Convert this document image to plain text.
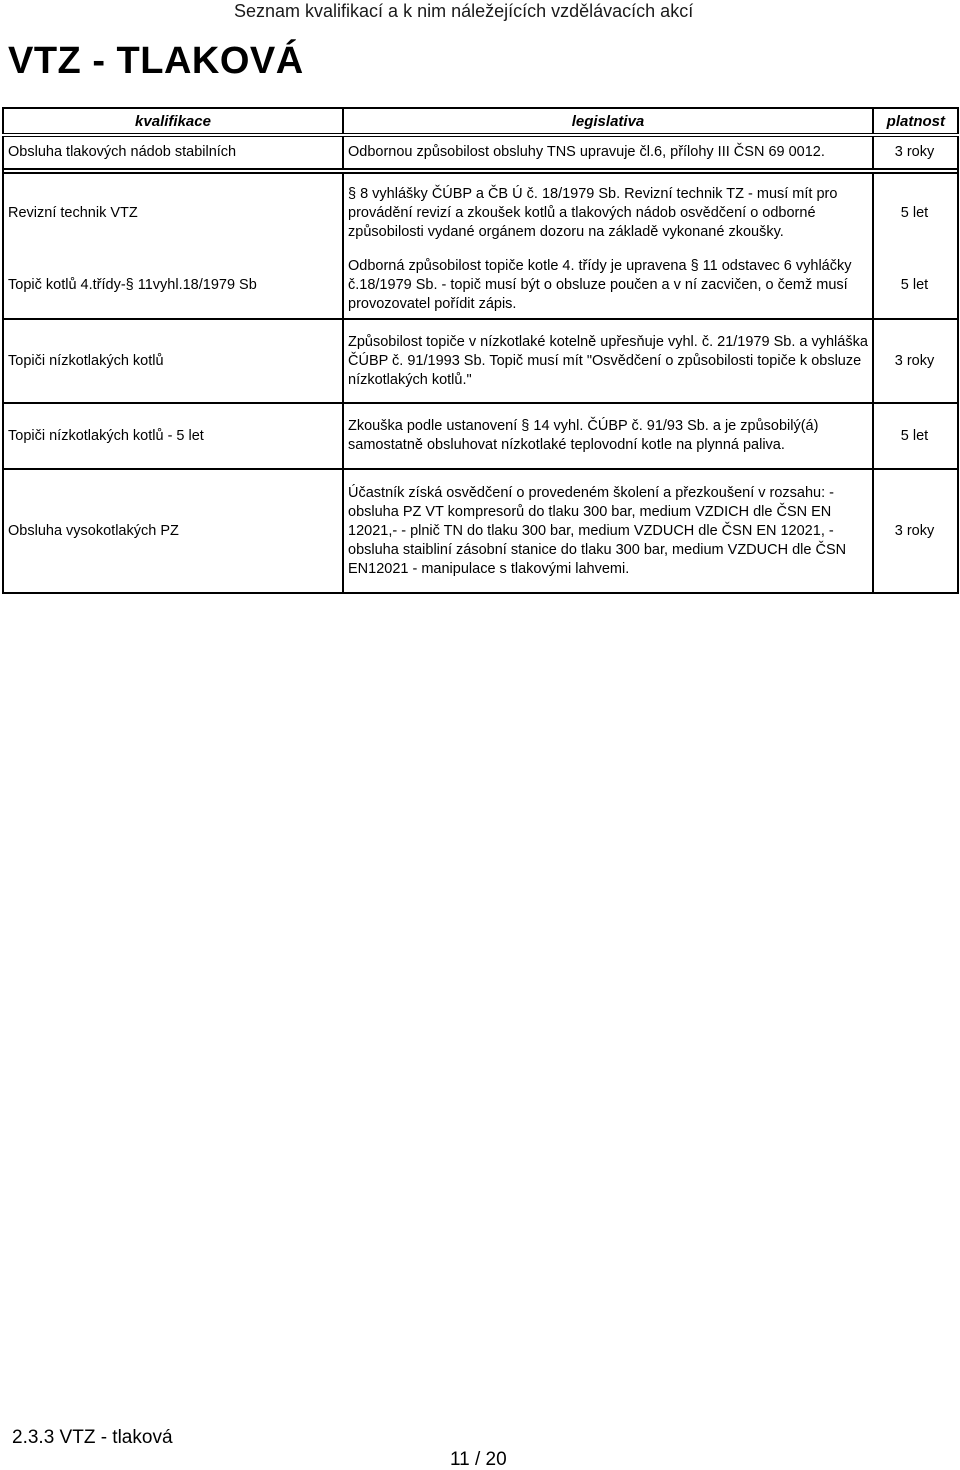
Seznam kvalifikací a k nim náležejících vzdělávacích akcí
VTZ - TLAKOVÁ
kvalifikace	legislativa	platnost
Obsluha tlakových nádob stabilních	Odbornou způsobilost obsluhy TNS upravuje čl.6, přílohy III ČSN 69 0012.	3 roky

Revizní technik VTZ	§ 8 vyhlášky ČÚBP a ČB Ú č. 18/1979 Sb. Revizní technik TZ - musí mít pro provádění revizí a zkoušek kotlů a tlakových nádob osvědčení o odborné způsobilosti vydané orgánem dozoru na základě vykonané zkoušky.	5 let
Topič kotlů 4.třídy-§ 11vyhl.18/1979 Sb	Odborná způsobilost topiče kotle 4. třídy je upravena § 11 odstavec 6 vyhláčky č.18/1979 Sb. - topič musí být o obsluze poučen a v ní zacvičen, o čemž musí provozovatel pořídit zápis.	5 let
Topiči nízkotlakých kotlů	Způsobilost topiče v nízkotlaké kotelně upřesňuje vyhl. č. 21/1979 Sb. a vyhláška ČÚBP č. 91/1993 Sb. Topič musí mít "Osvědčení o způsobilosti topiče k obsluze nízkotlakých kotlů."	3 roky
Topiči nízkotlakých kotlů - 5 let	Zkouška podle ustanovení § 14 vyhl. ČÚBP č. 91/93 Sb. a je způsobilý(á) samostatně obsluhovat nízkotlaké teplovodní kotle na plynná paliva.	5 let
Obsluha vysokotlakých PZ	Účastník získá osvědčení o provedeném školení a přezkoušení v rozsahu: - obsluha PZ VT kompresorů do tlaku 300 bar, medium VZDICH dle ČSN EN 12021,- - plnič TN do tlaku 300 bar, medium VZDUCH dle ČSN EN 12021, - obsluha staibliní zásobní stanice do tlaku 300 bar, medium VZDUCH dle ČSN EN12021 - manipulace s tlakovými lahvemi.	3 roky
2.3.3 VTZ - tlaková
11 / 20
